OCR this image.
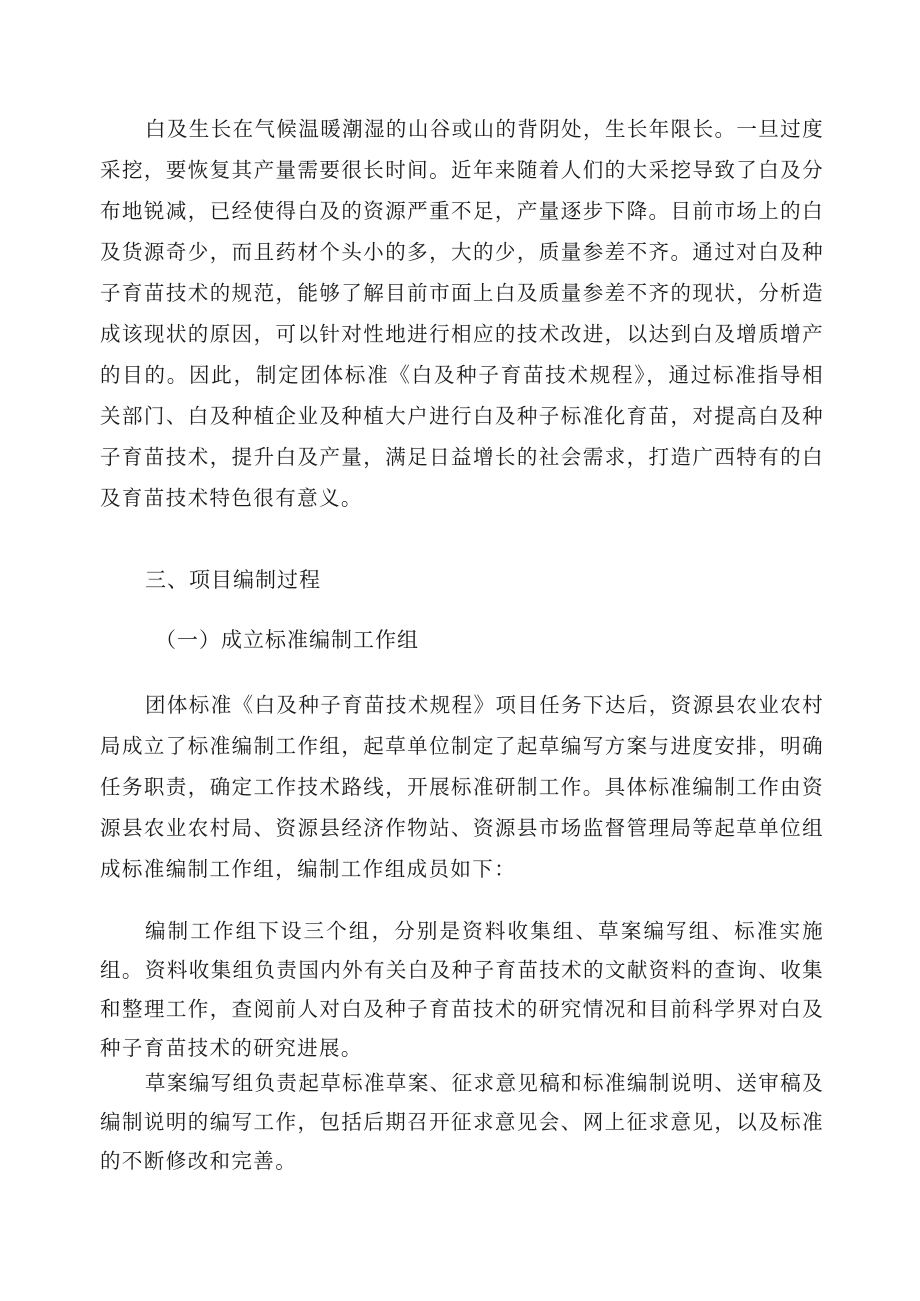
白及生长在气候温暖潮湿的山谷或山的背阴处，生长年限长。一旦过度采挖，要恢复其产量需要很长时间。近年来随着人们的大采挖导致了白及分布地锐减，已经使得白及的资源严重不足，产量逐步下降。目前市场上的白及货源奇少，而且药材个头小的多，大的少，质量参差不齐。通过对白及种子育苗技术的规范，能够了解目前市面上白及质量参差不齐的现状，分析造成该现状的原因，可以针对性地进行相应的技术改进，以达到白及增质增产的目的。因此，制定团体标准《白及种子育苗技术规程》，通过标准指导相关部门、白及种植企业及种植大户进行白及种子标准化育苗，对提高白及种子育苗技术，提升白及产量，满足日益增长的社会需求，打造广西特有的白及育苗技术特色很有意义。

三、项目编制过程

（一）成立标准编制工作组

团体标准《白及种子育苗技术规程》项目任务下达后，资源县农业农村局成立了标准编制工作组，起草单位制定了起草编写方案与进度安排，明确任务职责，确定工作技术路线，开展标准研制工作。具体标准编制工作由资源县农业农村局、资源县经济作物站、资源县市场监督管理局等起草单位组成标准编制工作组，编制工作组成员如下：

编制工作组下设三个组，分别是资料收集组、草案编写组、标准实施组。 资料收集组负责国内外有关白及种子育苗技术的文献资料的查询、收集和整理工作，查阅前人对白及种子育苗技术的研究情况和目前科学界对白及种子育苗技术的研究进展。

草案编写组负责起草标准草案、征求意见稿和标准编制说明、送审稿及编制说明的编写工作，包括后期召开征求意见会、网上征求意见，以及标准的不断修改和完善。
